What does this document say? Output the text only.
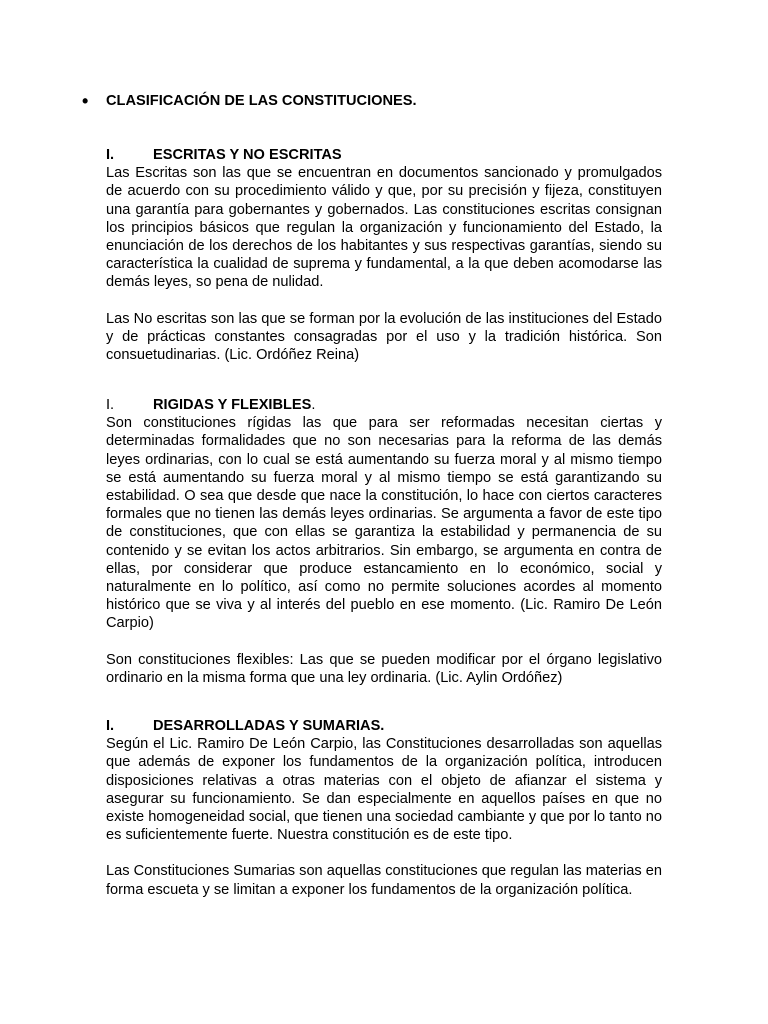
•	CLASIFICACIÓN DE LAS CONSTITUCIONES.
I.	ESCRITAS Y NO ESCRITAS

Las Escritas son las que se encuentran en documentos sancionado y promulgados de acuerdo con su procedimiento válido y que, por su precisión y fijeza, constituyen una garantía para gobernantes y gobernados. Las constituciones escritas consignan los principios básicos que regulan la organización y funcionamiento del Estado, la enunciación de los derechos de los habitantes y sus respectivas garantías, siendo su característica la cualidad de suprema y fundamental, a la que deben acomodarse las demás leyes, so pena de nulidad.

Las No escritas son las que se forman por la evolución de las instituciones del Estado y de prácticas constantes consagradas por el uso y la tradición histórica. Son consuetudinarias. (Lic. Ordóñez Reina)

I.	RIGIDAS Y FLEXIBLES.

Son constituciones rígidas las que para ser reformadas necesitan ciertas y determinadas formalidades que no son necesarias para la reforma de las demás leyes ordinarias, con lo cual se está aumentando su fuerza moral y al mismo tiempo se está aumentando su fuerza moral y al mismo tiempo se está garantizando su estabilidad. O sea que desde que nace la constitución, lo hace con ciertos caracteres formales que no tienen las demás leyes ordinarias. Se argumenta a favor de este tipo de constituciones, que con ellas se garantiza la estabilidad y permanencia de su contenido y se evitan los actos arbitrarios. Sin embargo, se argumenta en contra de ellas, por considerar que produce estancamiento en lo económico, social y naturalmente en lo político, así como no permite soluciones acordes al momento histórico que se viva y al interés del pueblo en ese momento. (Lic. Ramiro De León Carpio)

Son constituciones flexibles: Las que se pueden modificar por el órgano legislativo ordinario en la misma forma que una ley ordinaria. (Lic. Aylin Ordóñez)

I.	DESARROLLADAS Y SUMARIAS.

Según el Lic. Ramiro De León Carpio, las Constituciones desarrolladas son aquellas que además de exponer los fundamentos de la organización política, introducen disposiciones relativas a otras materias con el objeto de afianzar el sistema y asegurar su funcionamiento. Se dan especialmente en aquellos países en que no existe homogeneidad social, que tienen una sociedad cambiante y que por lo tanto no es suficientemente fuerte. Nuestra constitución es de este tipo.

Las Constituciones Sumarias son aquellas constituciones que regulan las materias en forma escueta y se limitan a exponer los fundamentos de la organización política.
